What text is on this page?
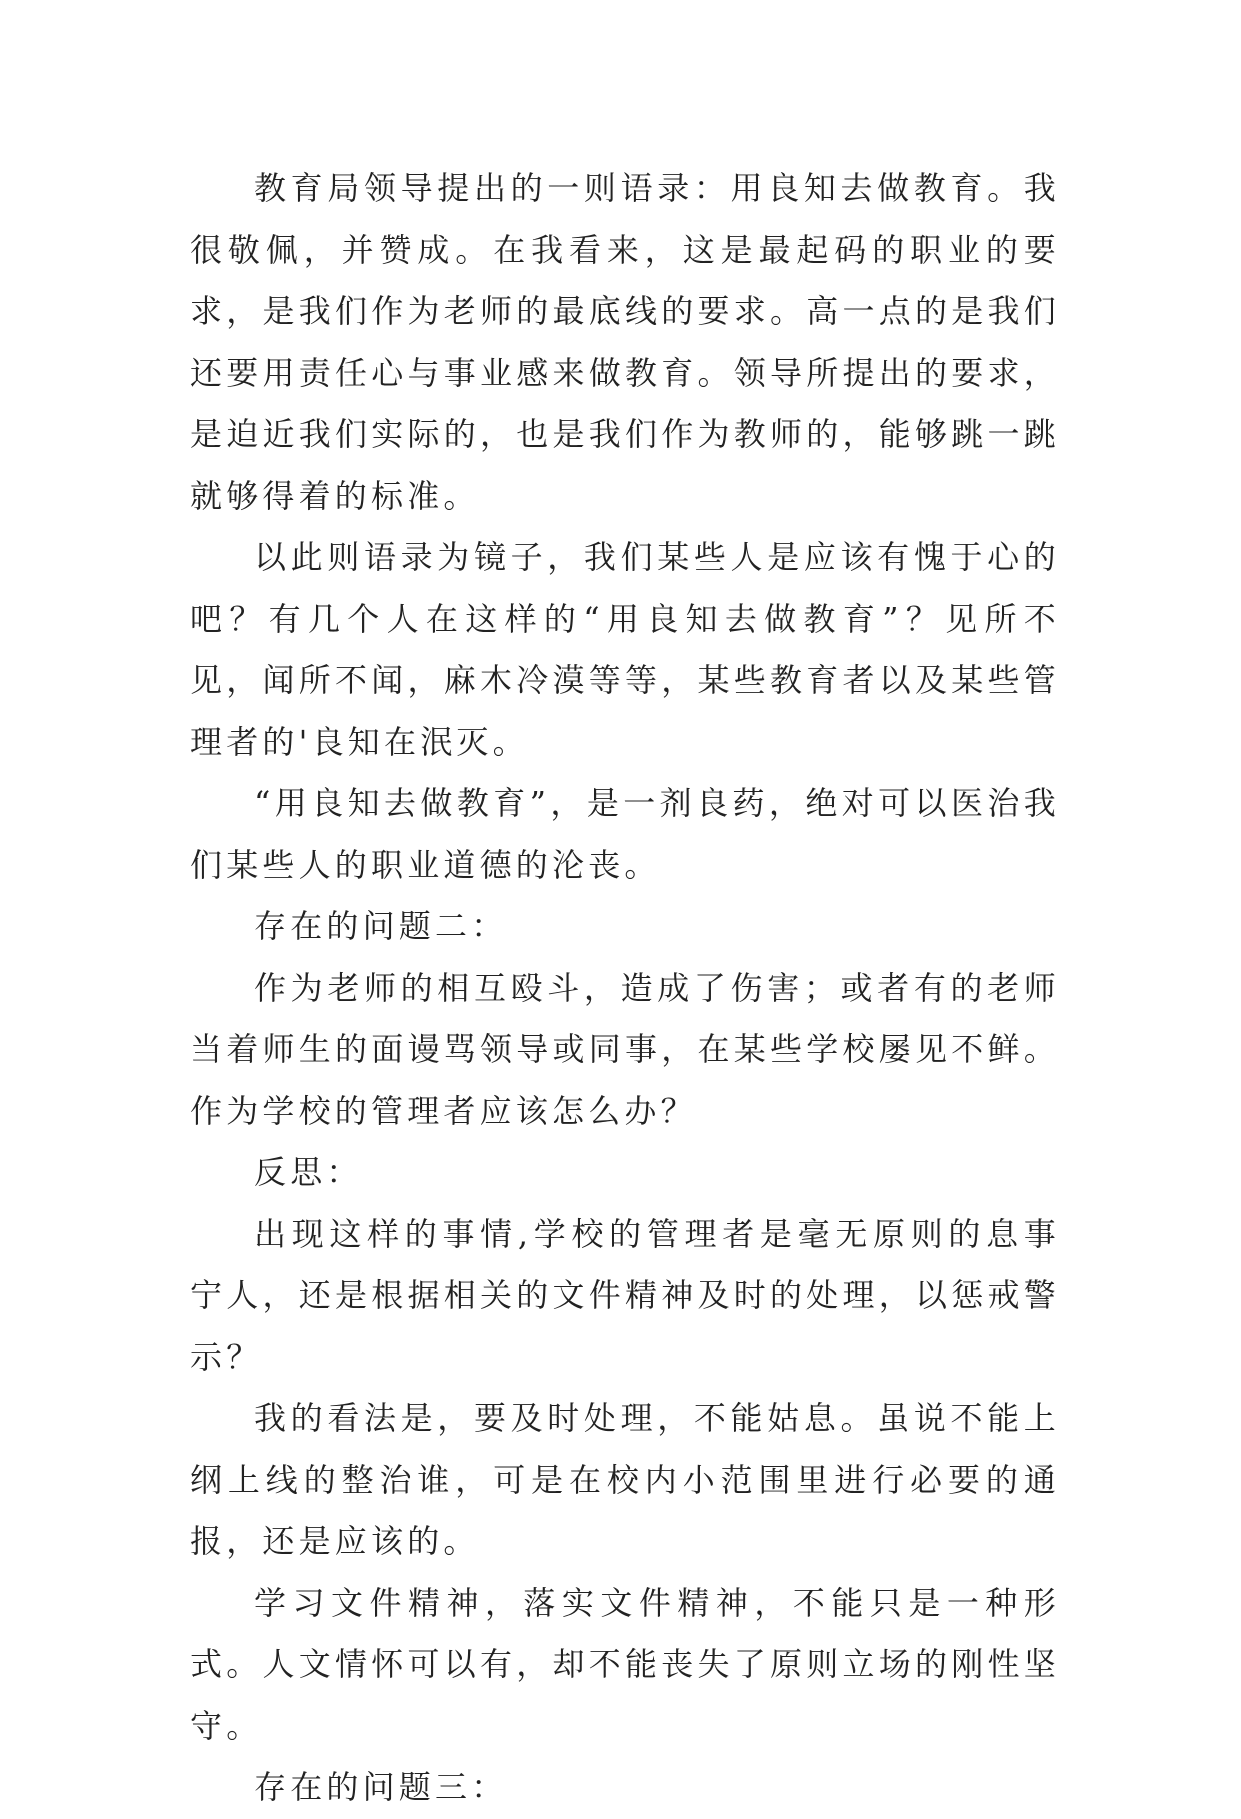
教育局领导提出的一则语录：用良知去做教育。我很敬佩，并赞成。在我看来，这是最起码的职业的要求，是我们作为老师的最底线的要求。高一点的是我们还要用责任心与事业感来做教育。领导所提出的要求，是迫近我们实际的，也是我们作为教师的，能够跳一跳就够得着的标准。

以此则语录为镜子，我们某些人是应该有愧于心的吧？有几个人在这样的“用良知去做教育”？见所不见，闻所不闻，麻木冷漠等等，某些教育者以及某些管理者的'良知在泯灭。

“用良知去做教育”，是一剂良药，绝对可以医治我们某些人的职业道德的沦丧。

存在的问题二：

作为老师的相互殴斗，造成了伤害；或者有的老师当着师生的面谩骂领导或同事，在某些学校屡见不鲜。作为学校的管理者应该怎么办？

反思：

出现这样的事情,学校的管理者是毫无原则的息事宁人，还是根据相关的文件精神及时的处理，以惩戒警示？

我的看法是，要及时处理，不能姑息。虽说不能上纲上线的整治谁，可是在校内小范围里进行必要的通报，还是应该的。

学习文件精神，落实文件精神，不能只是一种形式。人文情怀可以有，却不能丧失了原则立场的刚性坚守。

存在的问题三：
